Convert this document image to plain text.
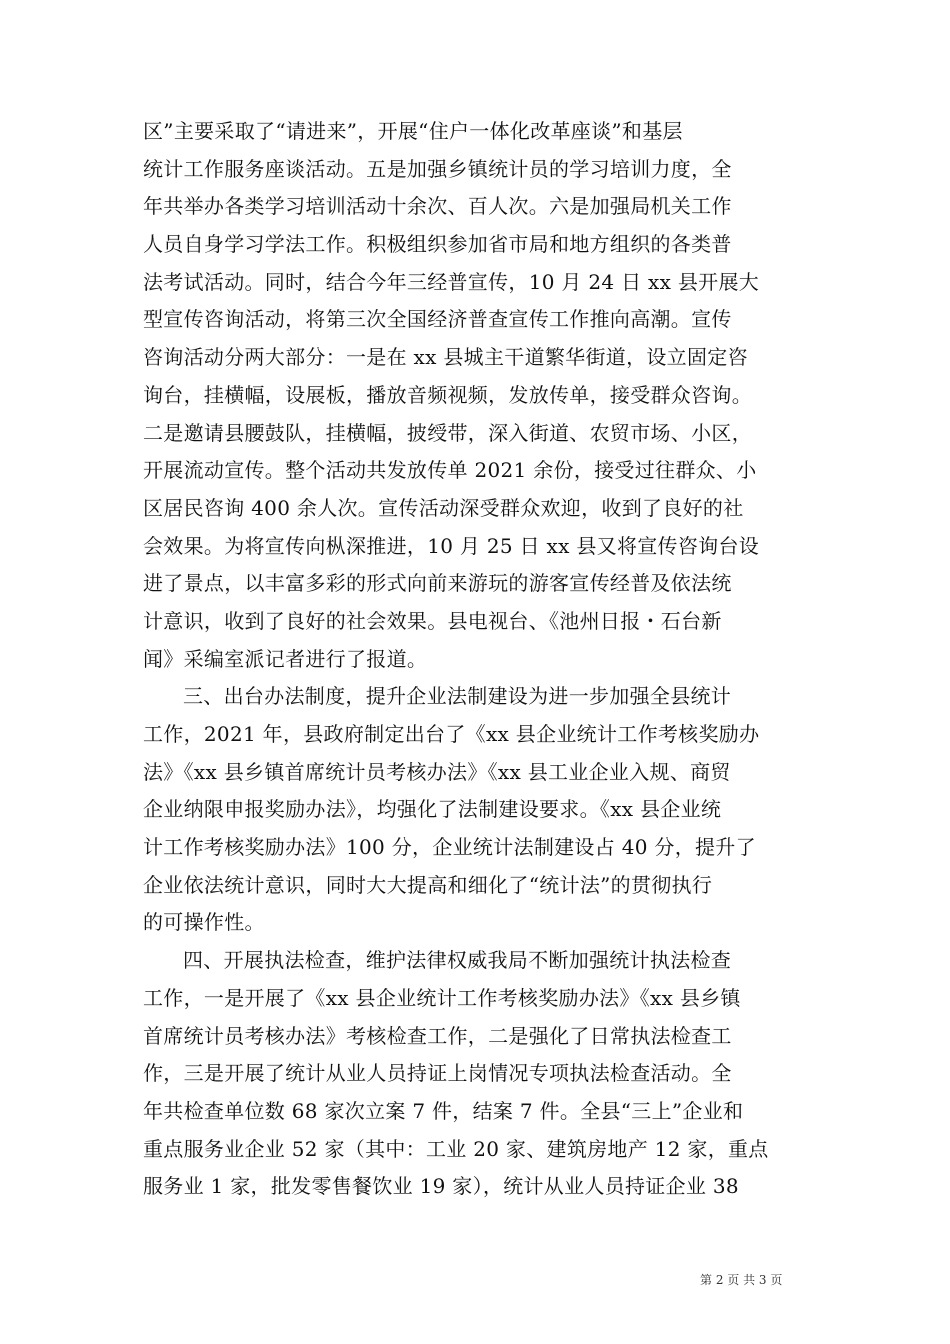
区”主要采取了“请进来”，开展“住户一体化改革座谈”和基层
统计工作服务座谈活动。五是加强乡镇统计员的学习培训力度，全
年共举办各类学习培训活动十余次、百人次。六是加强局机关工作
人员自身学习学法工作。积极组织参加省市局和地方组织的各类普
法考试活动。同时，结合今年三经普宣传，10 月 24 日 xx 县开展大
型宣传咨询活动，将第三次全国经济普查宣传工作推向高潮。宣传
咨询活动分两大部分：一是在 xx 县城主干道繁华街道，设立固定咨
询台，挂横幅，设展板，播放音频视频，发放传单，接受群众咨询。
二是邀请县腰鼓队，挂横幅，披绶带，深入街道、农贸市场、小区，
开展流动宣传。整个活动共发放传单 2021 余份，接受过往群众、小
区居民咨询 400 余人次。宣传活动深受群众欢迎，收到了良好的社
会效果。为将宣传向枞深推进，10 月 25 日 xx 县又将宣传咨询台设
进了景点，以丰富多彩的形式向前来游玩的游客宣传经普及依法统
计意识，收到了良好的社会效果。县电视台、《池州日报・石台新
闻》采编室派记者进行了报道。
三、出台办法制度，提升企业法制建设为进一步加强全县统计
工作，2021 年，县政府制定出台了《xx 县企业统计工作考核奖励办
法》《xx 县乡镇首席统计员考核办法》《xx 县工业企业入规、商贸
企业纳限申报奖励办法》，均强化了法制建设要求。《xx 县企业统
计工作考核奖励办法》100 分，企业统计法制建设占 40 分，提升了
企业依法统计意识，同时大大提高和细化了“统计法”的贯彻执行
的可操作性。
四、开展执法检查，维护法律权威我局不断加强统计执法检查
工作，一是开展了《xx 县企业统计工作考核奖励办法》《xx 县乡镇
首席统计员考核办法》考核检查工作，二是强化了日常执法检查工
作，三是开展了统计从业人员持证上岗情况专项执法检查活动。全
年共检查单位数 68 家次立案 7 件，结案 7 件。全县“三上”企业和
重点服务业企业 52 家（其中：工业 20 家、建筑房地产 12 家，重点
服务业 1 家，批发零售餐饮业 19 家），统计从业人员持证企业 38
第 2 页 共 3 页
